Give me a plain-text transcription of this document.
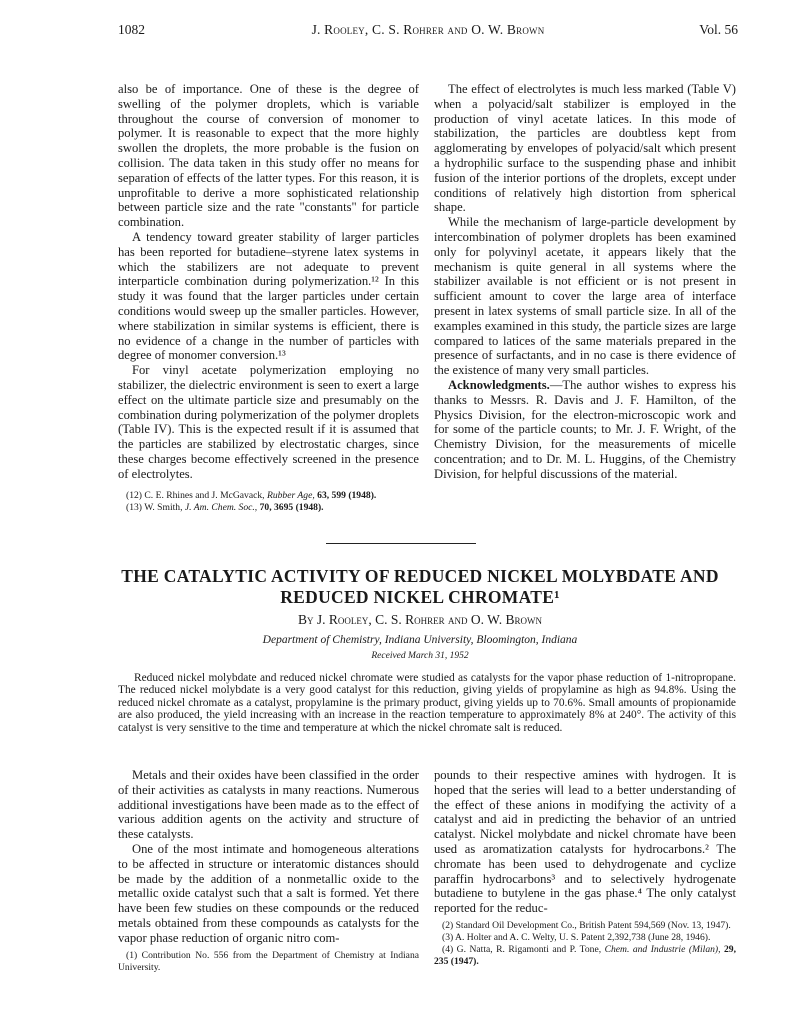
1082	J. Rooley, C. S. Rohrer and O. W. Brown	Vol. 56

also be of importance. One of these is the degree of swelling of the polymer droplets, which is variable throughout the course of conversion of monomer to polymer. It is reasonable to expect that the more highly swollen the droplets, the more probable is the fusion on collision. The data taken in this study offer no means for separation of effects of the latter types. For this reason, it is unprofitable to derive a more sophisticated relationship between particle size and the rate "constants" for particle combination.

A tendency toward greater stability of larger particles has been reported for butadiene–styrene latex systems in which the stabilizers are not adequate to prevent interparticle combination during polymerization.¹² In this study it was found that the larger particles under certain conditions would sweep up the smaller particles. However, where stabilization in similar systems is efficient, there is no evidence of a change in the number of particles with degree of monomer conversion.¹³

For vinyl acetate polymerization employing no stabilizer, the dielectric environment is seen to exert a large effect on the ultimate particle size and presumably on the combination during polymerization of the polymer droplets (Table IV). This is the expected result if it is assumed that the particles are stabilized by electrostatic charges, since these charges become effectively screened in the presence of electrolytes.

(12) C. E. Rhines and J. McGavack, Rubber Age, 63, 599 (1948).

(13) W. Smith, J. Am. Chem. Soc., 70, 3695 (1948).

The effect of electrolytes is much less marked (Table V) when a polyacid/salt stabilizer is employed in the production of vinyl acetate latices. In this mode of stabilization, the particles are doubtless kept from agglomerating by envelopes of polyacid/salt which present a hydrophilic surface to the suspending phase and inhibit fusion of the interior portions of the droplets, except under conditions of relatively high distortion from spherical shape.

While the mechanism of large-particle development by intercombination of polymer droplets has been examined only for polyvinyl acetate, it appears likely that the mechanism is quite general in all systems where the stabilizer available is not efficient or is not present in sufficient amount to cover the large area of interface present in latex systems of small particle size. In all of the examples examined in this study, the particle sizes are large compared to latices of the same materials prepared in the presence of surfactants, and in no case is there evidence of the existence of many very small particles.

Acknowledgments.—The author wishes to express his thanks to Messrs. R. Davis and J. F. Hamilton, of the Physics Division, for the electron-microscopic work and for some of the particle counts; to Mr. J. F. Wright, of the Chemistry Division, for the measurements of micelle concentration; and to Dr. M. L. Huggins, of the Chemistry Division, for helpful discussions of the material.

THE CATALYTIC ACTIVITY OF REDUCED NICKEL MOLYBDATE AND
REDUCED NICKEL CHROMATE¹
By J. Rooley, C. S. Rohrer and O. W. Brown
Department of Chemistry, Indiana University, Bloomington, Indiana
Received March 31, 1952

Reduced nickel molybdate and reduced nickel chromate were studied as catalysts for the vapor phase reduction of 1-nitropropane. The reduced nickel molybdate is a very good catalyst for this reduction, giving yields of propylamine as high as 94.8%. Using the reduced nickel chromate as a catalyst, propylamine is the primary product, giving yields up to 70.6%. Small amounts of propionamide are also produced, the yield increasing with an increase in the reaction temperature to approximately 8% at 240°. The activity of this catalyst is very sensitive to the time and temperature at which the nickel chromate salt is reduced.

Metals and their oxides have been classified in the order of their activities as catalysts in many reactions. Numerous additional investigations have been made as to the effect of various addition agents on the activity and structure of these catalysts.

One of the most intimate and homogeneous alterations to be affected in structure or interatomic distances should be made by the addition of a nonmetallic oxide to the metallic oxide catalyst such that a salt is formed. Yet there have been few studies on these compounds or the reduced metals obtained from these compounds as catalysts for the vapor phase reduction of organic nitro com-

(1) Contribution No. 556 from the Department of Chemistry at Indiana University.

pounds to their respective amines with hydrogen. It is hoped that the series will lead to a better understanding of the effect of these anions in modifying the activity of a catalyst and aid in predicting the behavior of an untried catalyst. Nickel molybdate and nickel chromate have been used as aromatization catalysts for hydrocarbons.² The chromate has been used to dehydrogenate and cyclize paraffin hydrocarbons³ and to selectively hydrogenate butadiene to butylene in the gas phase.⁴ The only catalyst reported for the reduc-

(2) Standard Oil Development Co., British Patent 594,569 (Nov. 13, 1947).

(3) A. Holter and A. C. Welty, U. S. Patent 2,392,738 (June 28, 1946).

(4) G. Natta, R. Rigamonti and P. Tone, Chem. and Industrie (Milan), 29, 235 (1947).
